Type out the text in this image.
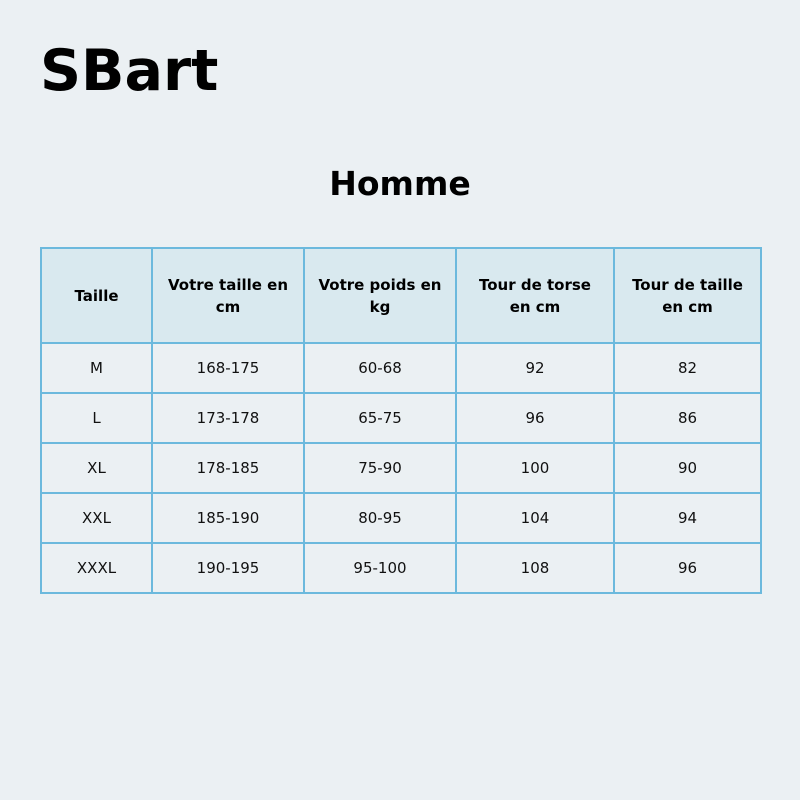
SBart
Homme
Taille	Votre taille en cm	Votre poids en kg	Tour de torse en cm	Tour de taille en cm
M	168-175	60-68	92	82
L	173-178	65-75	96	86
XL	178-185	75-90	100	90
XXL	185-190	80-95	104	94
XXXL	190-195	95-100	108	96
